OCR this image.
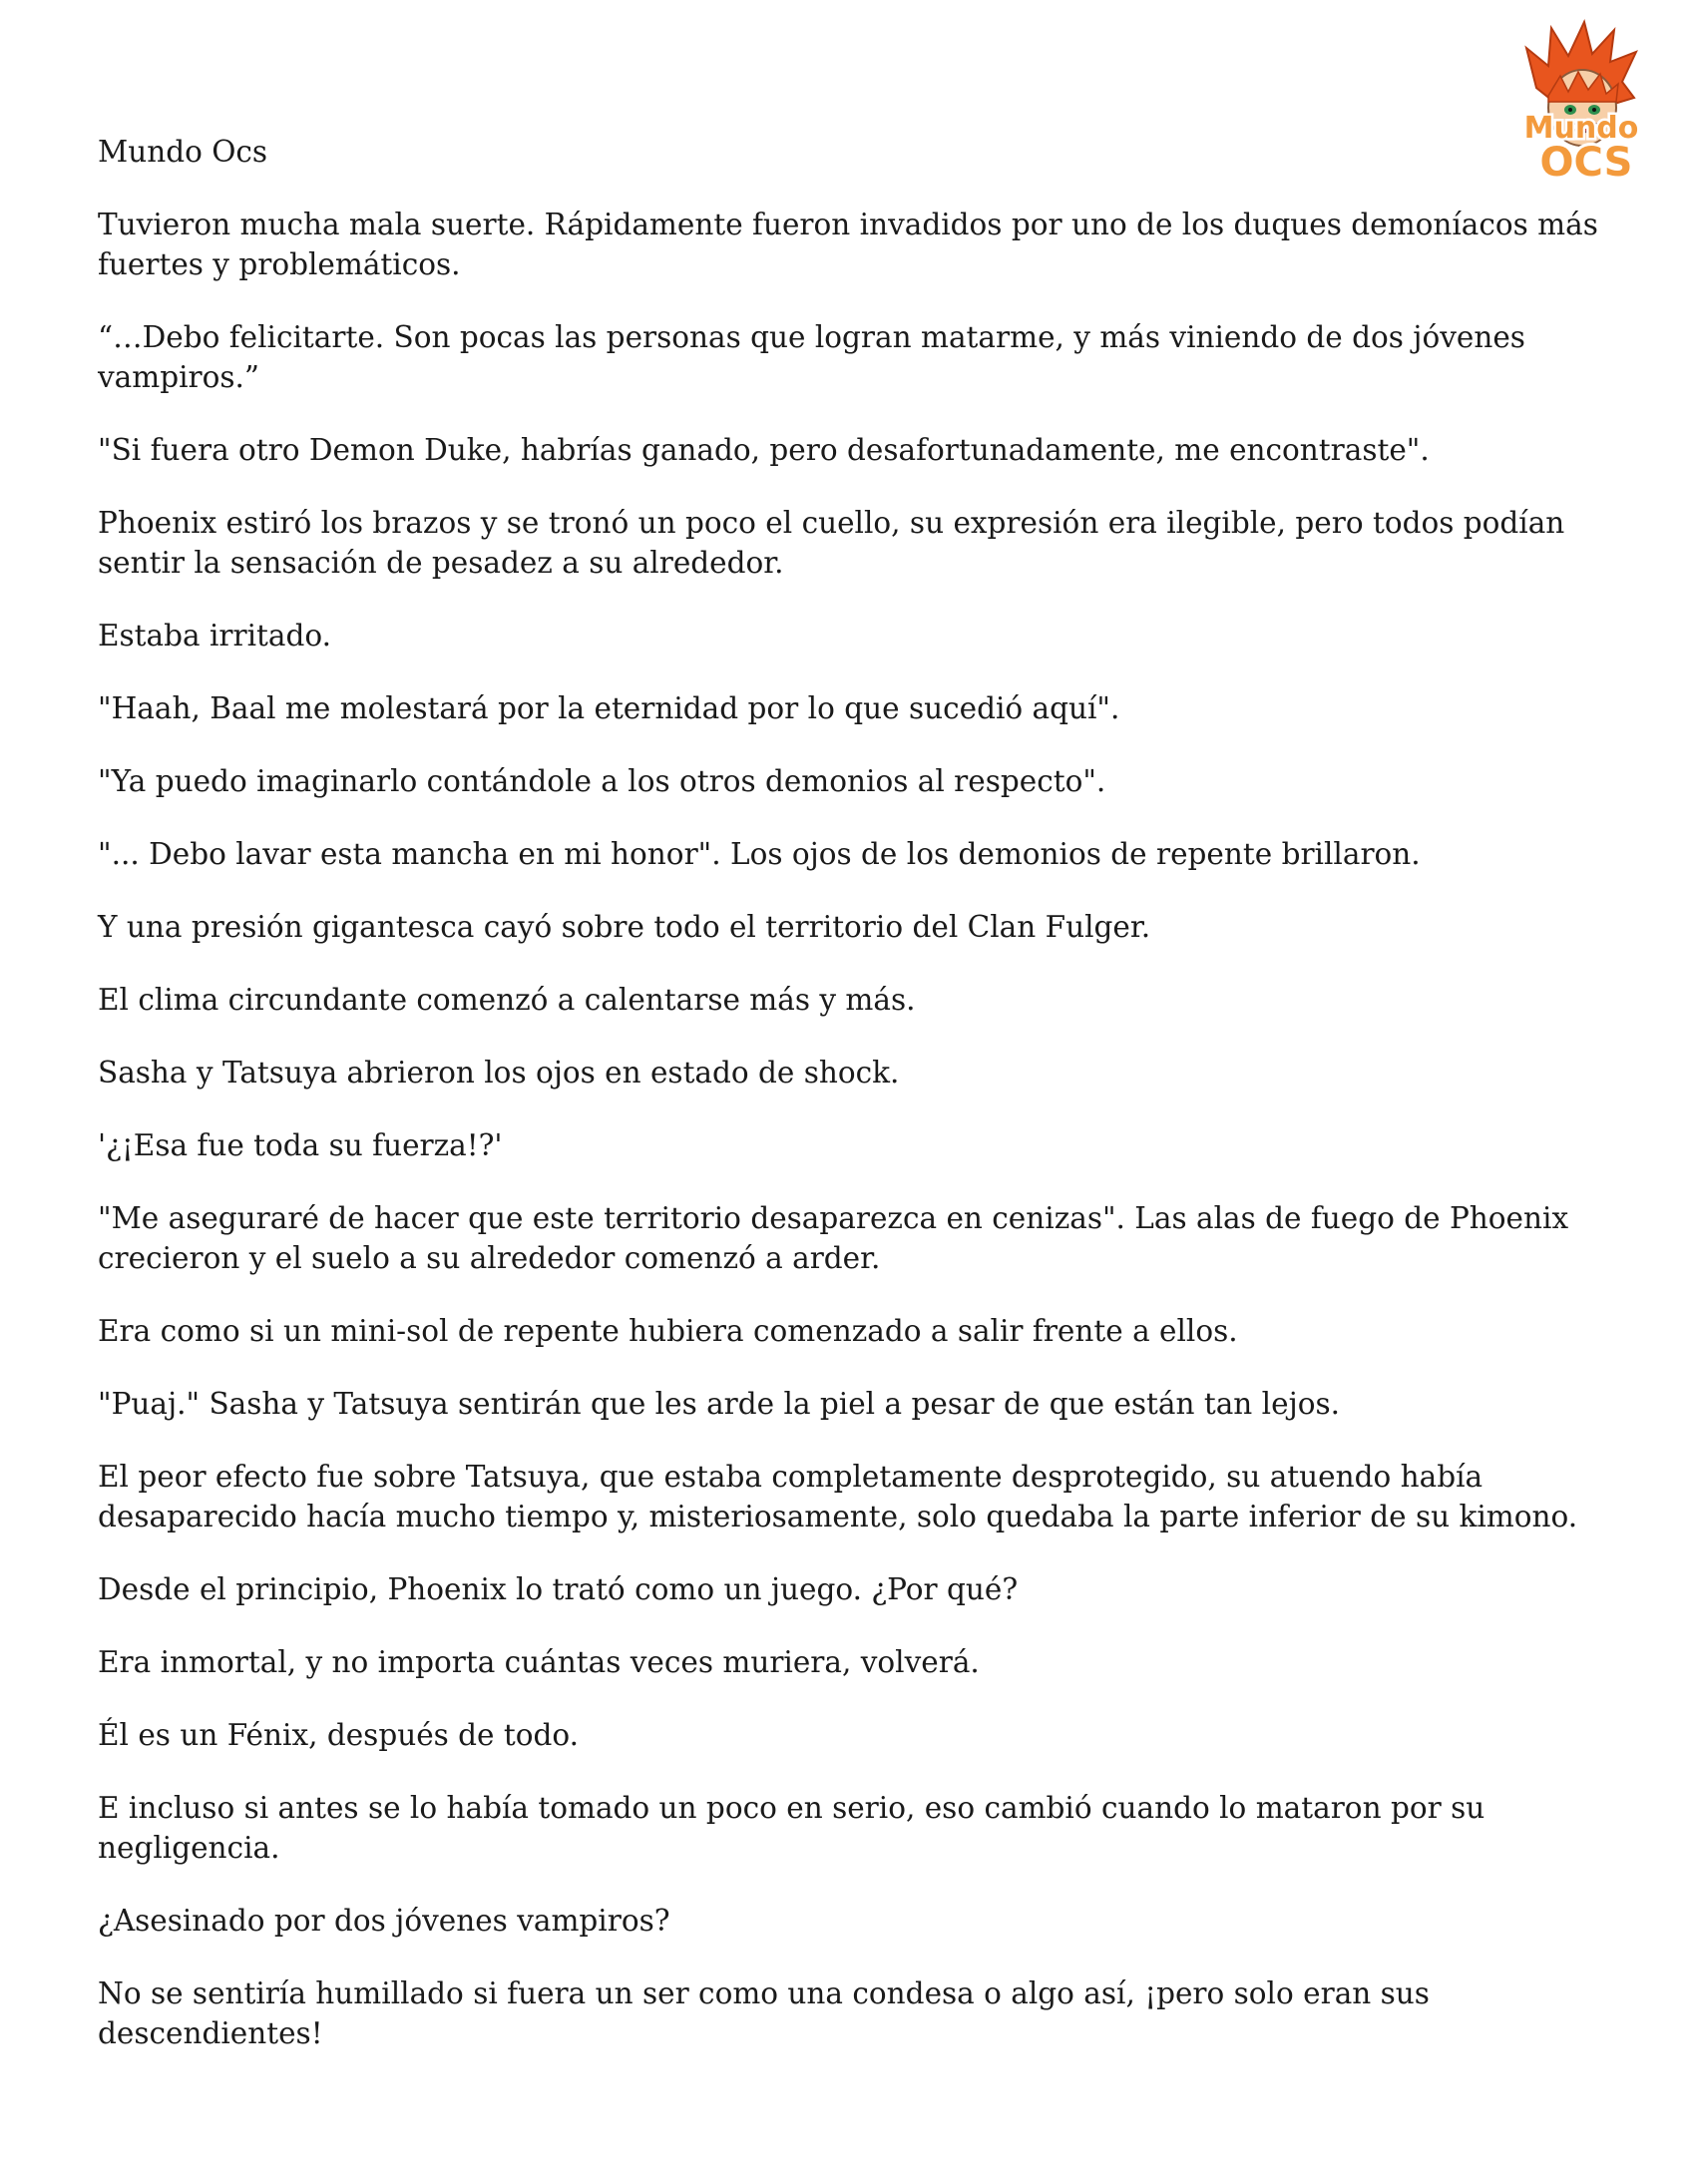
Mundo
OCS

Mundo Ocs

Tuvieron mucha mala suerte. Rápidamente fueron invadidos por uno de los duques demoníacos más fuertes y problemáticos.

“…Debo felicitarte. Son pocas las personas que logran matarme, y más viniendo de dos jóvenes vampiros.”

"Si fuera otro Demon Duke, habrías ganado, pero desafortunadamente, me encontraste".

Phoenix estiró los brazos y se tronó un poco el cuello, su expresión era ilegible, pero todos podían sentir la sensación de pesadez a su alrededor.

Estaba irritado.

"Haah, Baal me molestará por la eternidad por lo que sucedió aquí".

"Ya puedo imaginarlo contándole a los otros demonios al respecto".

"... Debo lavar esta mancha en mi honor". Los ojos de los demonios de repente brillaron.

Y una presión gigantesca cayó sobre todo el territorio del Clan Fulger.

El clima circundante comenzó a calentarse más y más.

Sasha y Tatsuya abrieron los ojos en estado de shock.

'¿¡Esa fue toda su fuerza!?'

"Me aseguraré de hacer que este territorio desaparezca en cenizas". Las alas de fuego de Phoenix crecieron y el suelo a su alrededor comenzó a arder.

Era como si un mini-sol de repente hubiera comenzado a salir frente a ellos.

"Puaj." Sasha y Tatsuya sentirán que les arde la piel a pesar de que están tan lejos.

El peor efecto fue sobre Tatsuya, que estaba completamente desprotegido, su atuendo había desaparecido hacía mucho tiempo y, misteriosamente, solo quedaba la parte inferior de su kimono.

Desde el principio, Phoenix lo trató como un juego. ¿Por qué?

Era inmortal, y no importa cuántas veces muriera, volverá.

Él es un Fénix, después de todo.

E incluso si antes se lo había tomado un poco en serio, eso cambió cuando lo mataron por su negligencia.

¿Asesinado por dos jóvenes vampiros?

No se sentiría humillado si fuera un ser como una condesa o algo así, ¡pero solo eran sus descendientes!
